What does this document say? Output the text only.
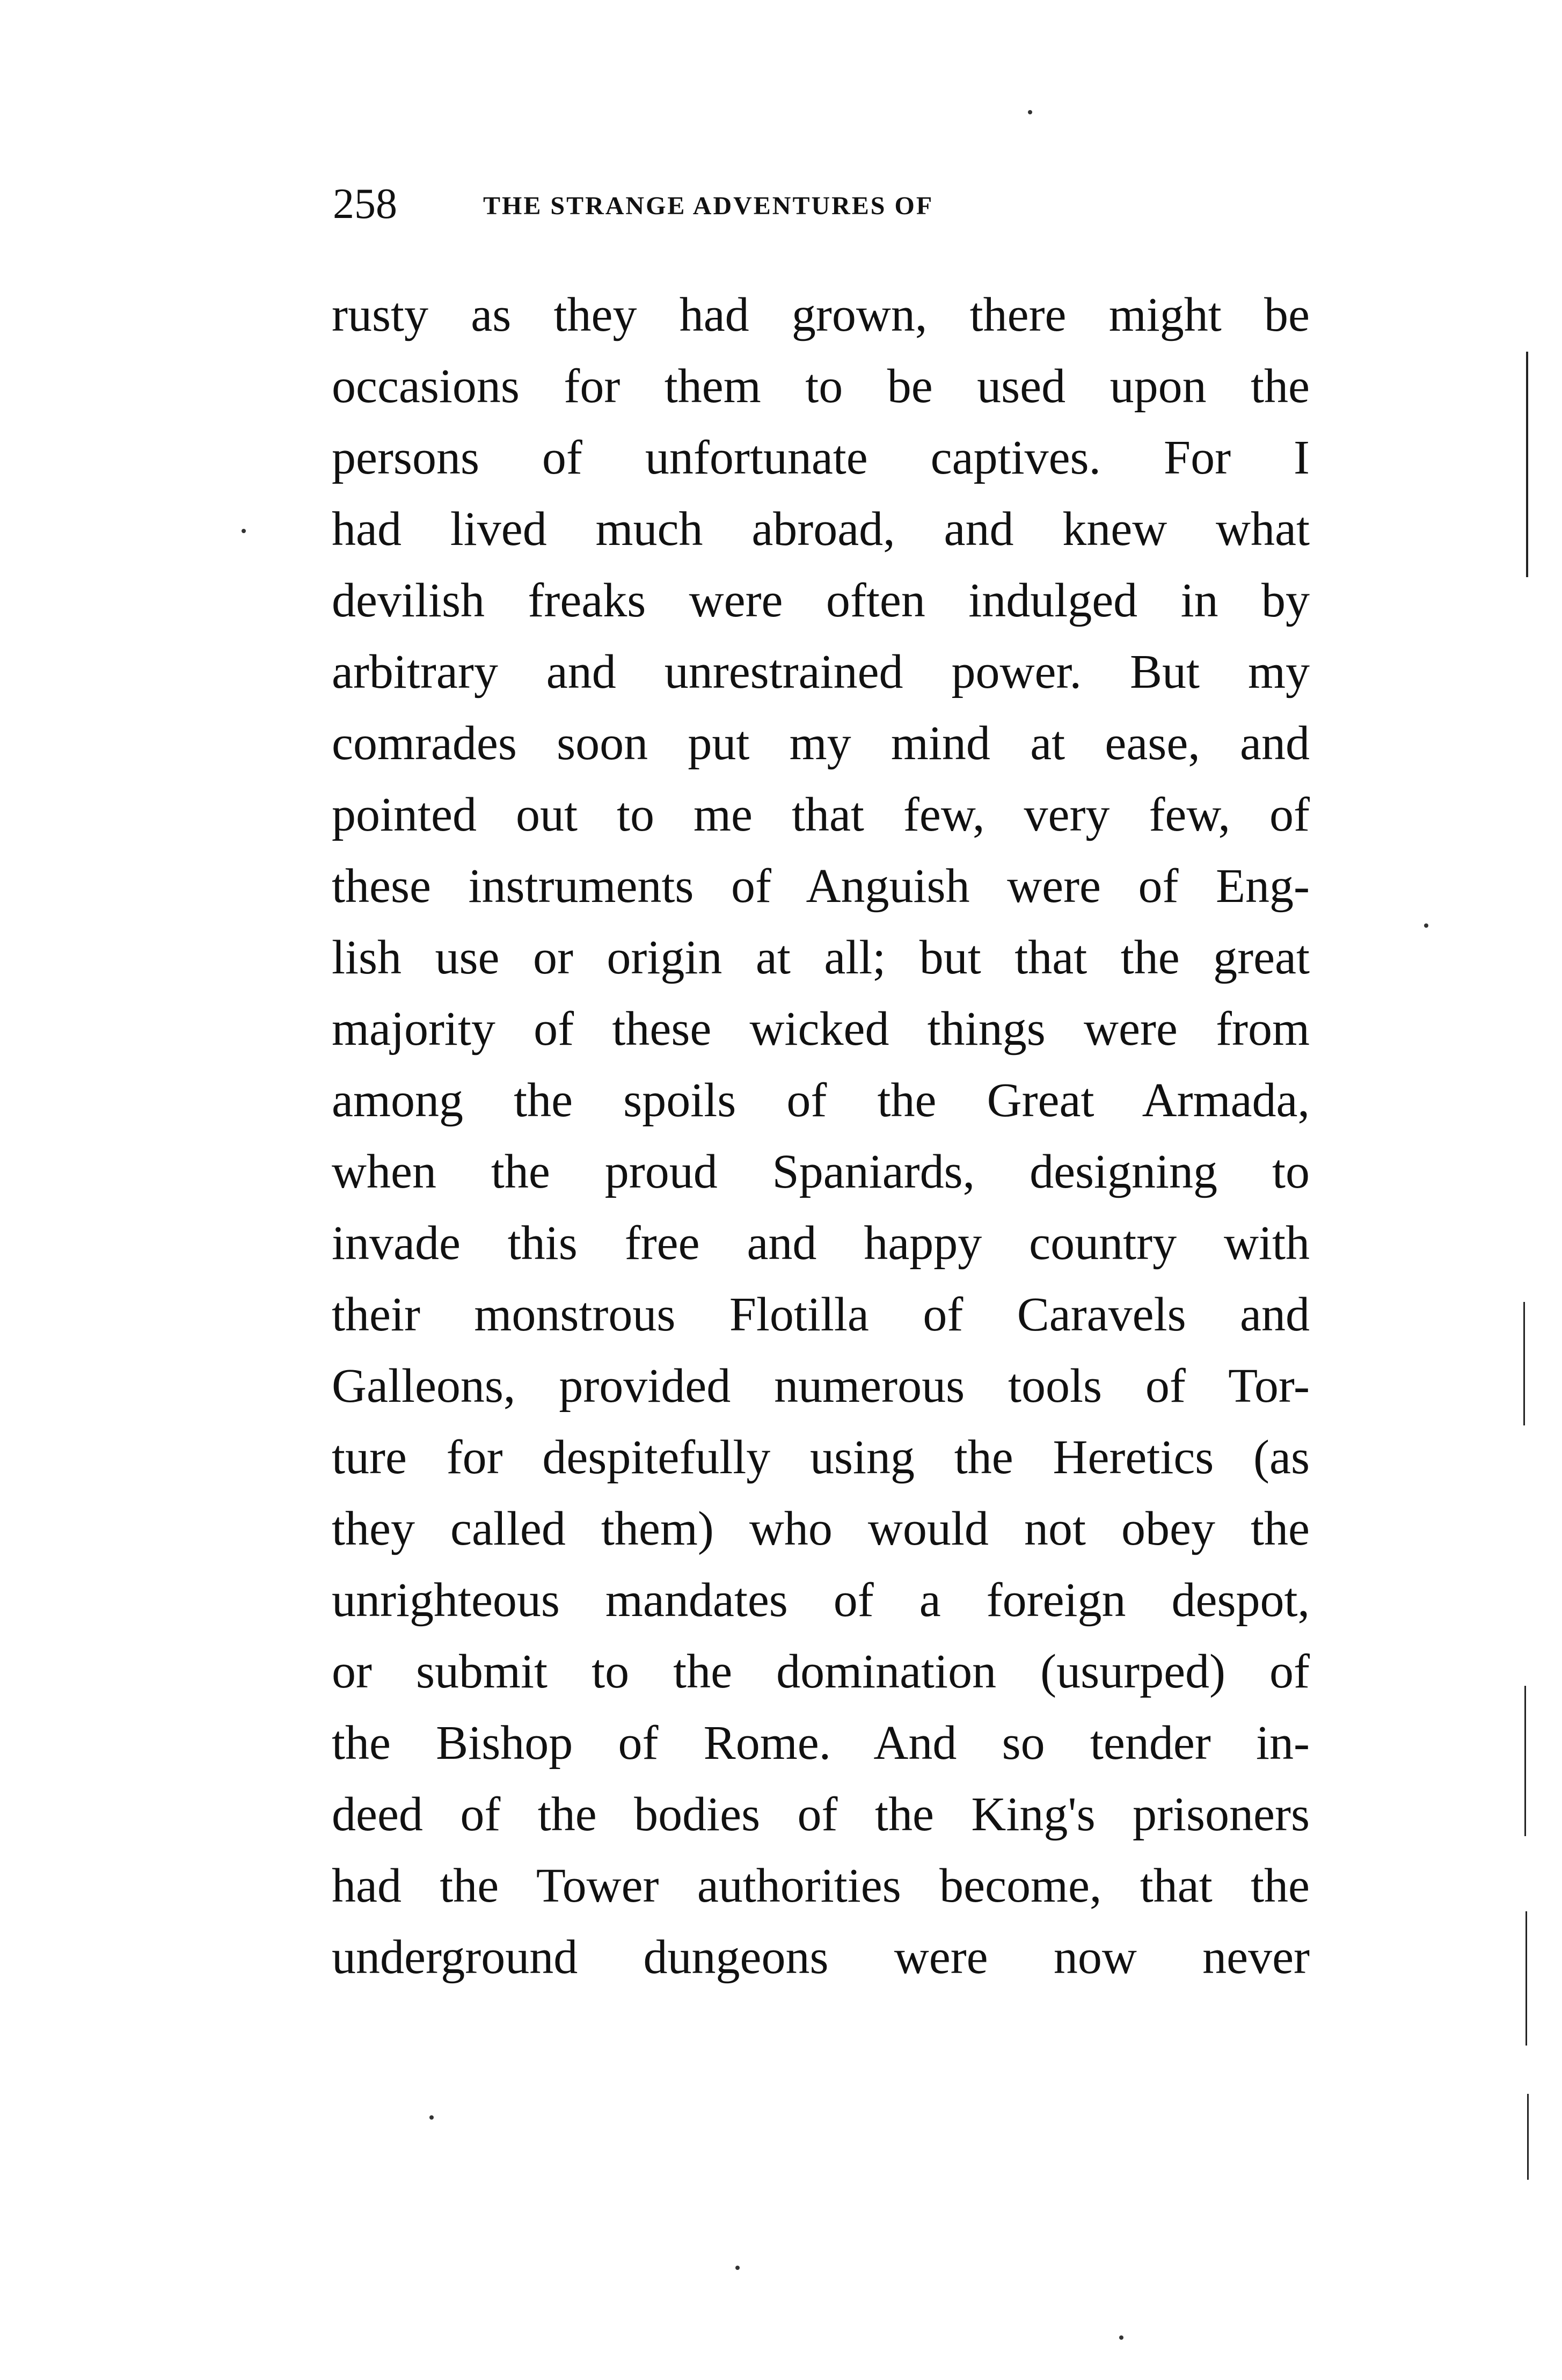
258	THE STRANGE ADVENTURES OF
rusty as they had grown, there might be
occasions for them to be used upon the
persons of unfortunate captives. For I
had lived much abroad, and knew what
devilish freaks were often indulged in by
arbitrary and unrestrained power. But my
comrades soon put my mind at ease, and
pointed out to me that few, very few, of
these instruments of Anguish were of Eng-
lish use or origin at all; but that the great
majority of these wicked things were from
among the spoils of the Great Armada,
when the proud Spaniards, designing to
invade this free and happy country with
their monstrous Flotilla of Caravels and
Galleons, provided numerous tools of Tor-
ture for despitefully using the Heretics (as
they called them) who would not obey the
unrighteous mandates of a foreign despot,
or submit to the domination (usurped) of
the Bishop of Rome. And so tender in-
deed of the bodies of the King's prisoners
had the Tower authorities become, that the
underground dungeons were now never
